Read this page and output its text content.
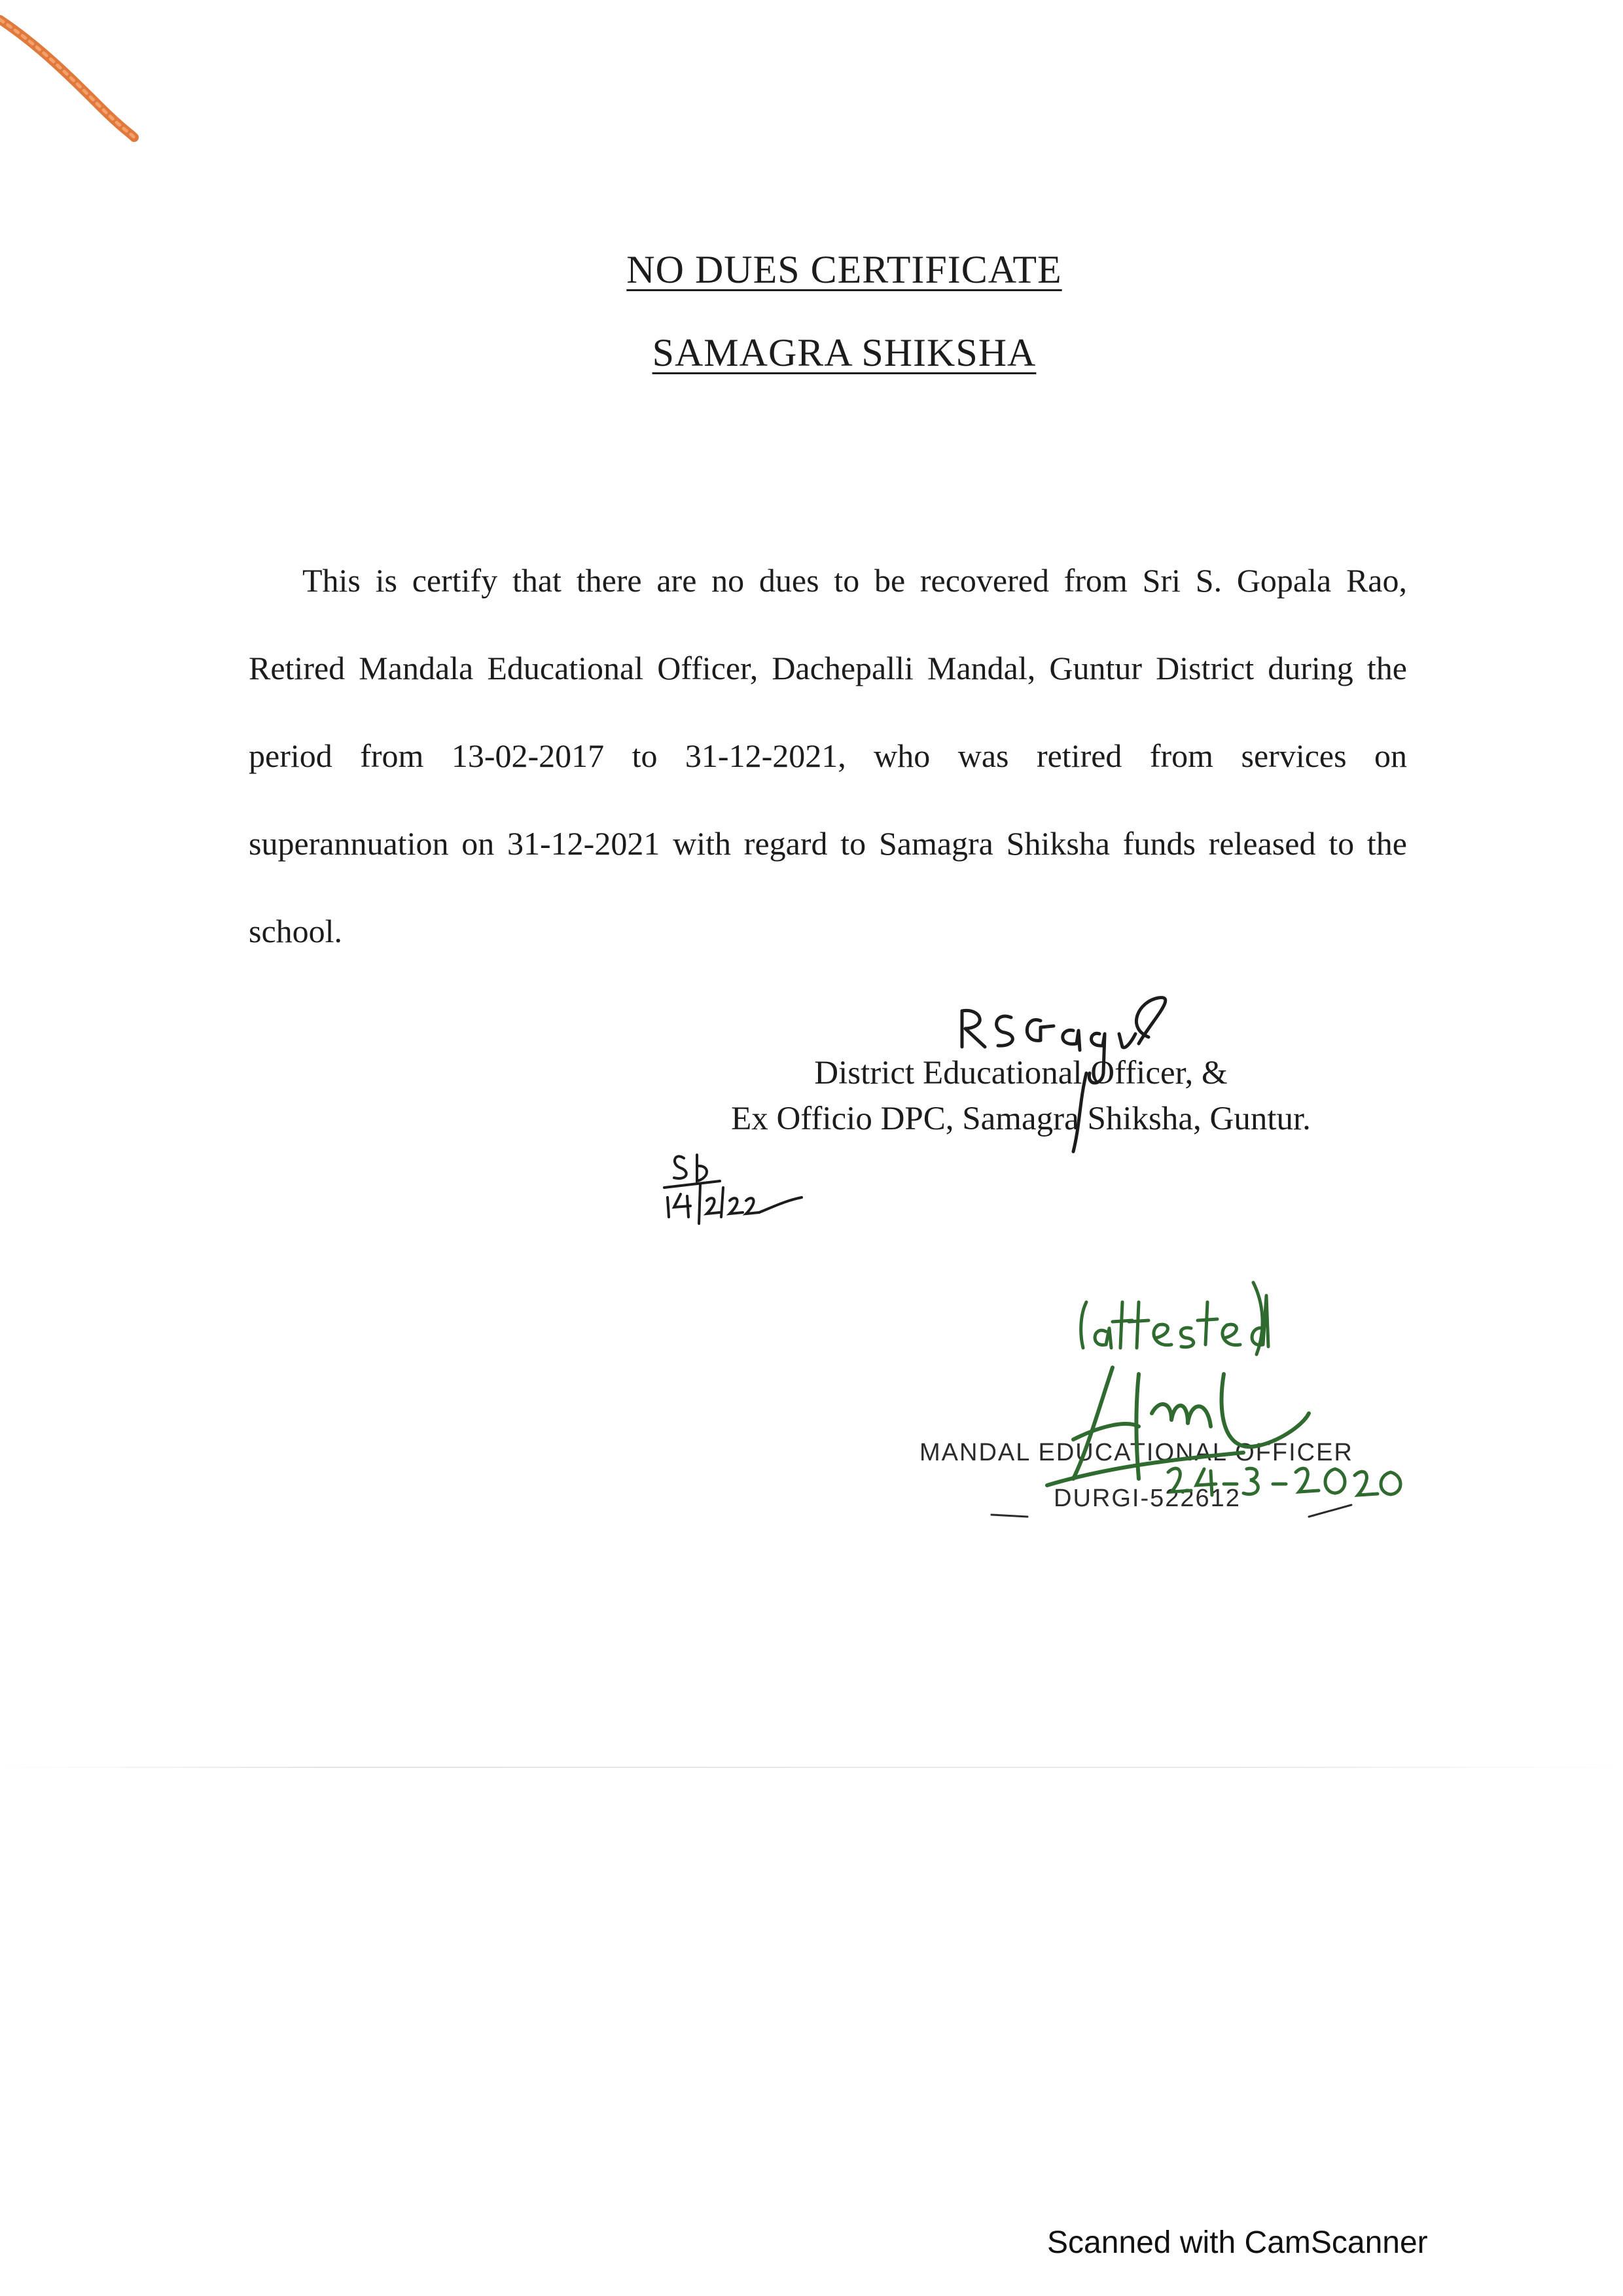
NO DUES CERTIFICATE
SAMAGRA SHIKSHA

This is certify that there are no dues to be recovered from Sri S. Gopala Rao, Retired Mandala Educational Officer, Dachepalli Mandal, Guntur District during the period from 13-02-2017 to 31-12-2021, who was retired from services on superannuation on 31-12-2021 with regard to Samagra Shiksha funds released to the school.

District Educational Officer, &
Ex Officio DPC, Samagra Shiksha, Guntur.
MANDAL EDUCATIONAL OFFICER
DURGI-522612
Scanned with CamScanner
